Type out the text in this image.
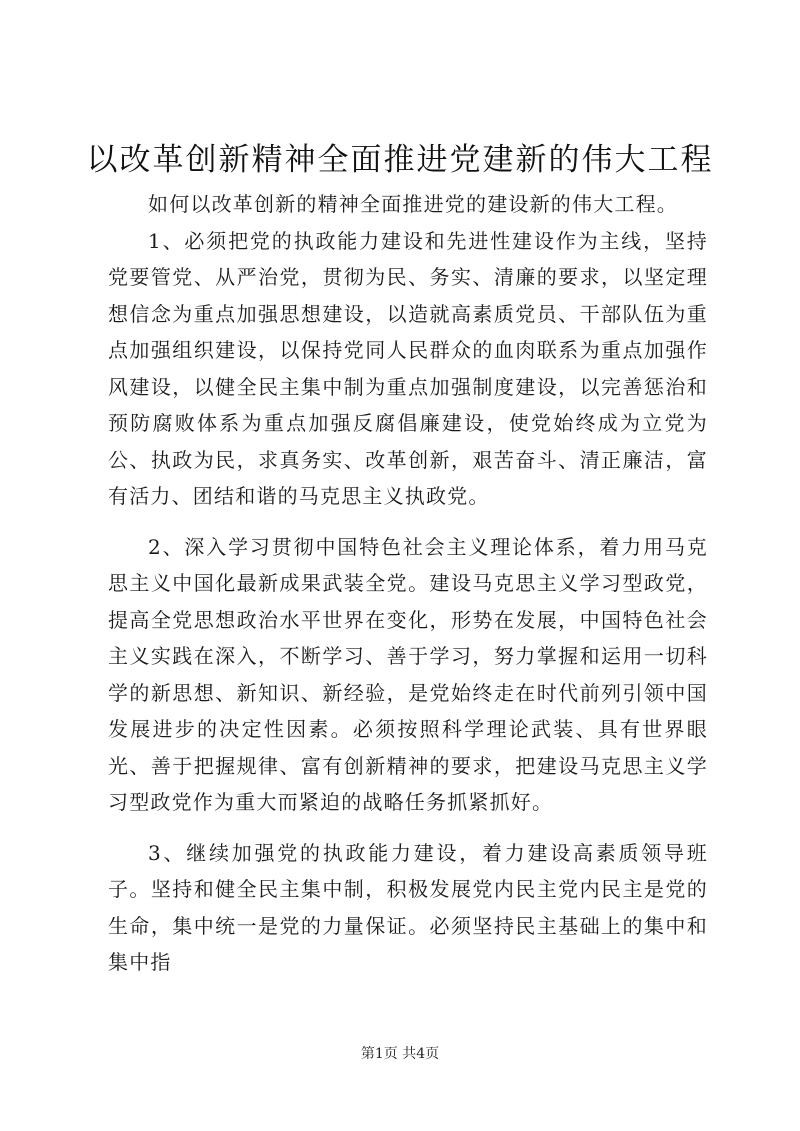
以改革创新精神全面推进党建新的伟大工程

如何以改革创新的精神全面推进党的建设新的伟大工程。

1、必须把党的执政能力建设和先进性建设作为主线，坚持党要管党、从严治党，贯彻为民、务实、清廉的要求，以坚定理想信念为重点加强思想建设，以造就高素质党员、干部队伍为重点加强组织建设，以保持党同人民群众的血肉联系为重点加强作风建设，以健全民主集中制为重点加强制度建设，以完善惩治和预防腐败体系为重点加强反腐倡廉建设，使党始终成为立党为公、执政为民，求真务实、改革创新，艰苦奋斗、清正廉洁，富有活力、团结和谐的马克思主义执政党。

2、深入学习贯彻中国特色社会主义理论体系，着力用马克思主义中国化最新成果武装全党。建设马克思主义学习型政党，提高全党思想政治水平世界在变化，形势在发展，中国特色社会主义实践在深入，不断学习、善于学习，努力掌握和运用一切科学的新思想、新知识、新经验，是党始终走在时代前列引领中国发展进步的决定性因素。必须按照科学理论武装、具有世界眼光、善于把握规律、富有创新精神的要求，把建设马克思主义学习型政党作为重大而紧迫的战略任务抓紧抓好。

3、继续加强党的执政能力建设，着力建设高素质领导班子。坚持和健全民主集中制，积极发展党内民主党内民主是党的生命，集中统一是党的力量保证。必须坚持民主基础上的集中和集中指

第1页 共4页
